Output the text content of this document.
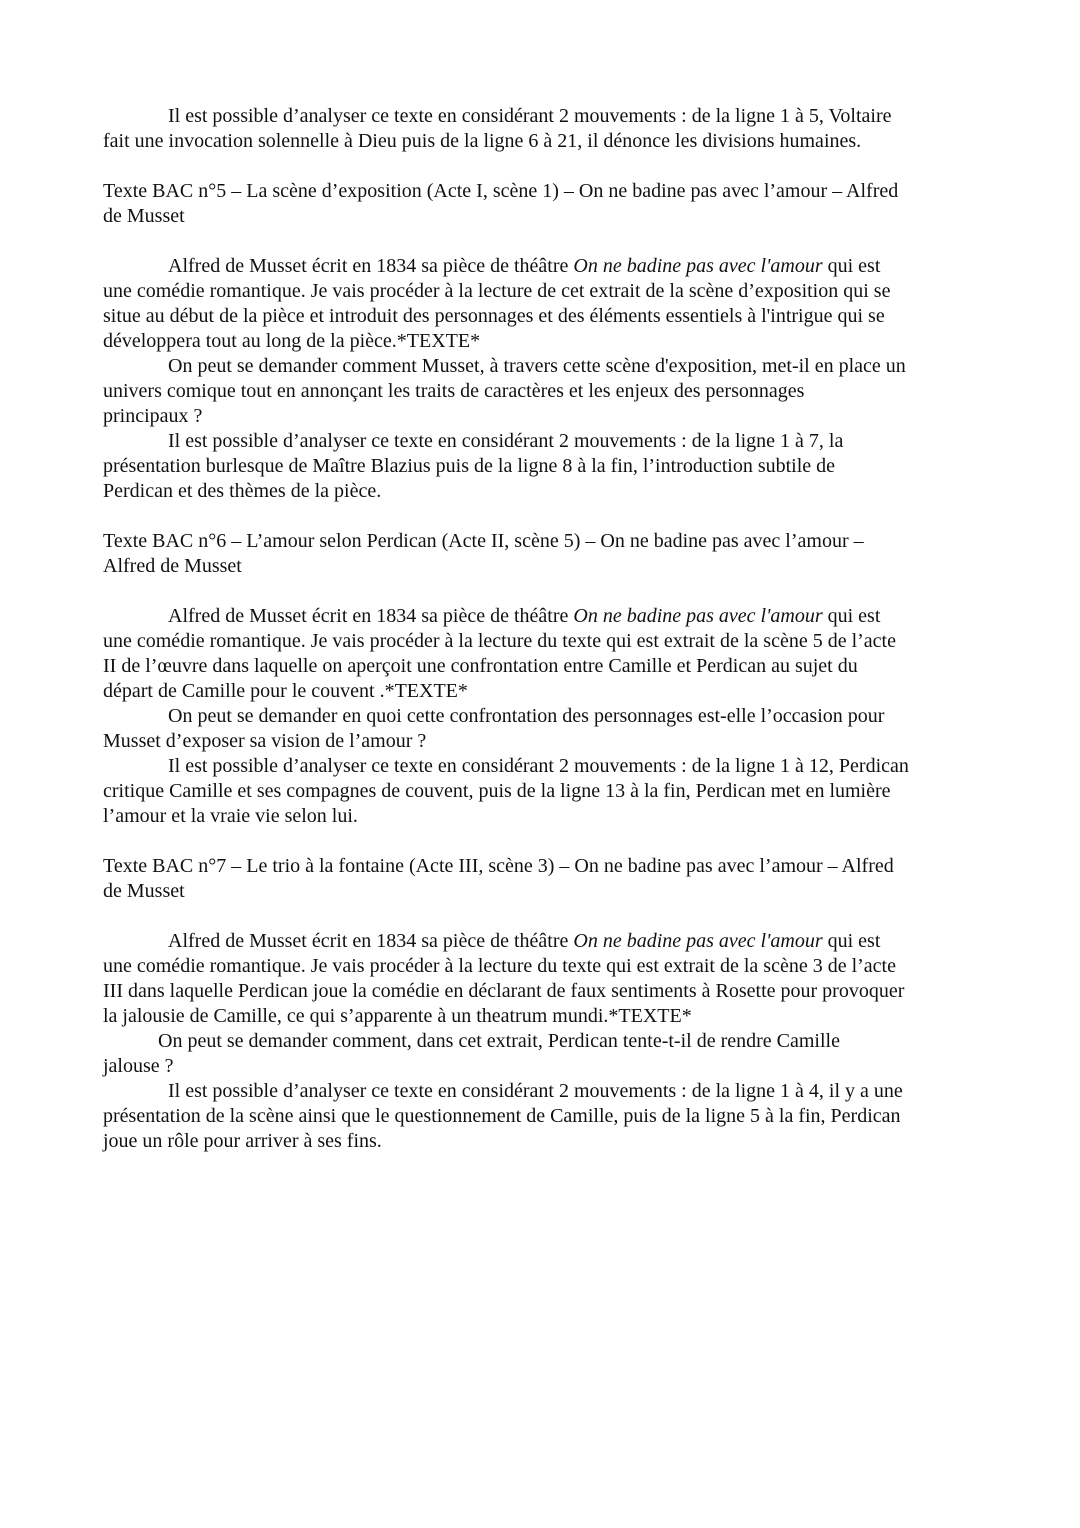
Il est possible d’analyser ce texte en considérant 2 mouvements : de la ligne 1 à 5, Voltaire
fait une invocation solennelle à Dieu puis de la ligne 6 à 21, il dénonce les divisions humaines.
Texte BAC n°5 – La scène d’exposition (Acte I, scène 1) – On ne badine pas avec l’amour – Alfred
de Musset
Alfred de Musset écrit en 1834 sa pièce de théâtre On ne badine pas avec l'amour qui est
une comédie romantique. Je vais procéder à la lecture de cet extrait de la scène d’exposition qui se
situe au début de la pièce et introduit des personnages et des éléments essentiels à l'intrigue qui se
développera tout au long de la pièce.*TEXTE*
On peut se demander comment Musset, à travers cette scène d'exposition, met-il en place un
univers comique tout en annonçant les traits de caractères et les enjeux des personnages
principaux ?
Il est possible d’analyser ce texte en considérant 2 mouvements : de la ligne 1 à 7, la
présentation burlesque de Maître Blazius puis de la ligne 8 à la fin, l’introduction subtile de
Perdican et des thèmes de la pièce.
Texte BAC n°6 – L’amour selon Perdican (Acte II, scène 5) – On ne badine pas avec l’amour –
Alfred de Musset
Alfred de Musset écrit en 1834 sa pièce de théâtre On ne badine pas avec l'amour qui est
une comédie romantique. Je vais procéder à la lecture du texte qui est extrait de la scène 5 de l’acte
II de l’œuvre dans laquelle on aperçoit une confrontation entre Camille et Perdican au sujet du
départ de Camille pour le couvent .*TEXTE*
On peut se demander en quoi cette confrontation des personnages est-elle l’occasion pour
Musset d’exposer sa vision de l’amour ?
Il est possible d’analyser ce texte en considérant 2 mouvements : de la ligne 1 à 12, Perdican
critique Camille et ses compagnes de couvent, puis de la ligne 13 à la fin, Perdican met en lumière
l’amour et la vraie vie selon lui.
Texte BAC n°7 – Le trio à la fontaine (Acte III, scène 3) – On ne badine pas avec l’amour – Alfred
de Musset
Alfred de Musset écrit en 1834 sa pièce de théâtre On ne badine pas avec l'amour qui est
une comédie romantique. Je vais procéder à la lecture du texte qui est extrait de la scène 3 de l’acte
III dans laquelle Perdican joue la comédie en déclarant de faux sentiments à Rosette pour provoquer
la jalousie de Camille, ce qui s’apparente à un theatrum mundi.*TEXTE*
On peut se demander comment, dans cet extrait, Perdican tente-t-il de rendre Camille
jalouse ?
Il est possible d’analyser ce texte en considérant 2 mouvements : de la ligne 1 à 4, il y a une
présentation de la scène ainsi que le questionnement de Camille, puis de la ligne 5 à la fin, Perdican
joue un rôle pour arriver à ses fins.
